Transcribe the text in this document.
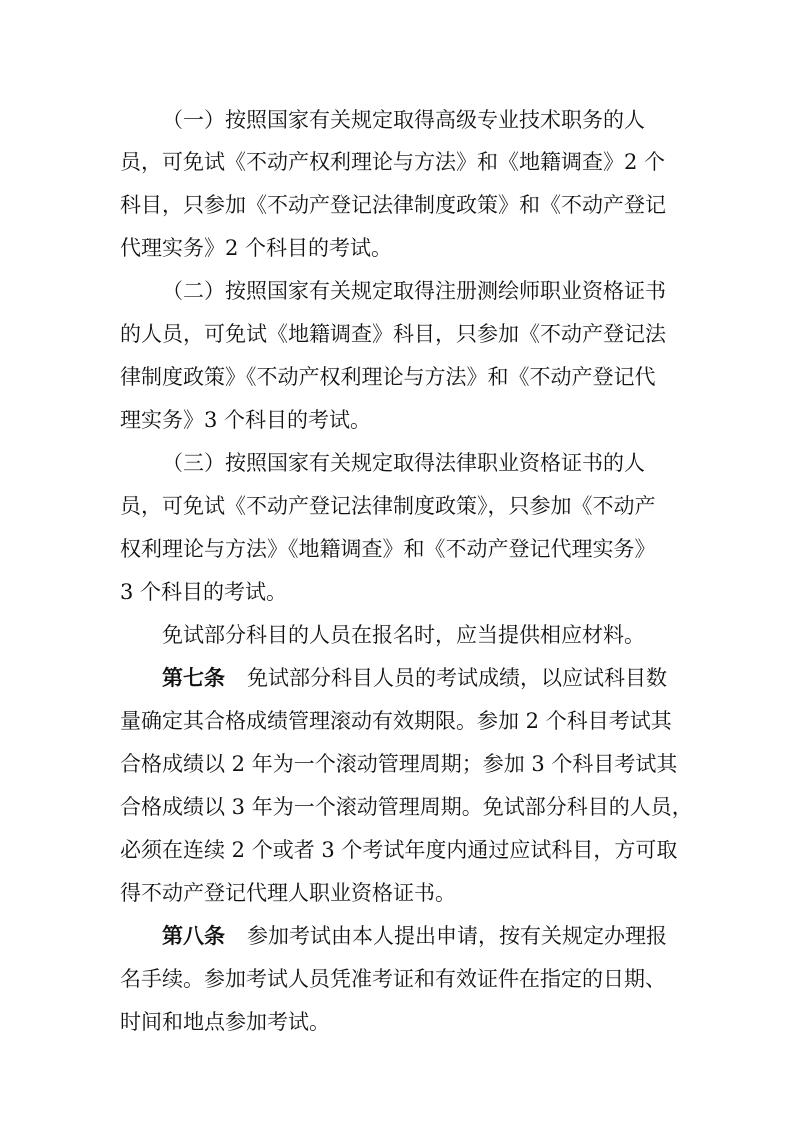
（一）按照国家有关规定取得高级专业技术职务的人
员，可免试《不动产权利理论与方法》和《地籍调查》2 个
科目，只参加《不动产登记法律制度政策》和《不动产登记
代理实务》2 个科目的考试。
（二）按照国家有关规定取得注册测绘师职业资格证书
的人员，可免试《地籍调查》科目，只参加《不动产登记法
律制度政策》《不动产权利理论与方法》和《不动产登记代
理实务》3 个科目的考试。
（三）按照国家有关规定取得法律职业资格证书的人
员，可免试《不动产登记法律制度政策》，只参加《不动产
权利理论与方法》《地籍调查》和《不动产登记代理实务》
3 个科目的考试。
免试部分科目的人员在报名时，应当提供相应材料。
第七条 免试部分科目人员的考试成绩，以应试科目数
量确定其合格成绩管理滚动有效期限。参加 2 个科目考试其
合格成绩以 2 年为一个滚动管理周期；参加 3 个科目考试其
合格成绩以 3 年为一个滚动管理周期。免试部分科目的人员，
必须在连续 2 个或者 3 个考试年度内通过应试科目，方可取
得不动产登记代理人职业资格证书。
第八条 参加考试由本人提出申请，按有关规定办理报
名手续。参加考试人员凭准考证和有效证件在指定的日期、
时间和地点参加考试。
